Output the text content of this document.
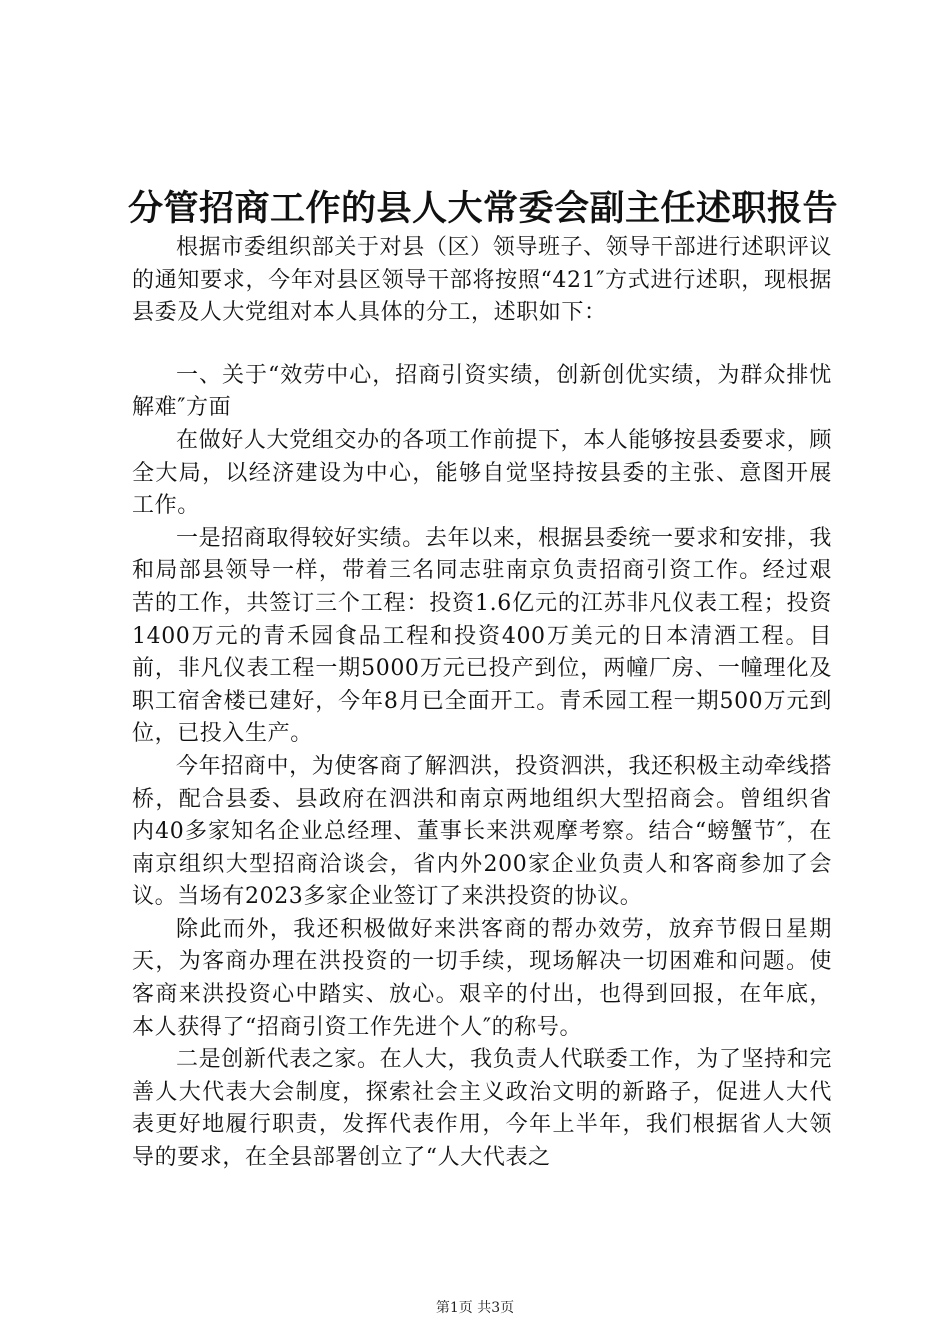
分管招商工作的县人大常委会副主任述职报告

根据市委组织部关于对县（区）领导班子、领导干部进行述职评议的通知要求，今年对县区领导干部将按照“421″方式进行述职，现根据县委及人大党组对本人具体的分工，述职如下：

一、关于“效劳中心，招商引资实绩，创新创优实绩，为群众排忧解难″方面

在做好人大党组交办的各项工作前提下，本人能够按县委要求，顾全大局，以经济建设为中心，能够自觉坚持按县委的主张、意图开展工作。

一是招商取得较好实绩。去年以来，根据县委统一要求和安排，我和局部县领导一样，带着三名同志驻南京负责招商引资工作。经过艰苦的工作，共签订三个工程：投资1.6亿元的江苏非凡仪表工程；投资1400万元的青禾园食品工程和投资400万美元的日本清酒工程。目前，非凡仪表工程一期5000万元已投产到位，两幢厂房、一幢理化及职工宿舍楼已建好，今年8月已全面开工。青禾园工程一期500万元到位，已投入生产。

今年招商中，为使客商了解泗洪，投资泗洪，我还积极主动牵线搭桥，配合县委、县政府在泗洪和南京两地组织大型招商会。曾组织省内40多家知名企业总经理、董事长来洪观摩考察。结合“螃蟹节″，在南京组织大型招商洽谈会，省内外200家企业负责人和客商参加了会议。当场有2023多家企业签订了来洪投资的协议。

除此而外，我还积极做好来洪客商的帮办效劳，放弃节假日星期天，为客商办理在洪投资的一切手续，现场解决一切困难和问题。使客商来洪投资心中踏实、放心。艰辛的付出，也得到回报，在年底，本人获得了“招商引资工作先进个人″的称号。

二是创新代表之家。在人大，我负责人代联委工作，为了坚持和完善人大代表大会制度，探索社会主义政治文明的新路子，促进人大代表更好地履行职责，发挥代表作用，今年上半年，我们根据省人大领导的要求，在全县部署创立了“人大代表之

第1页 共3页
